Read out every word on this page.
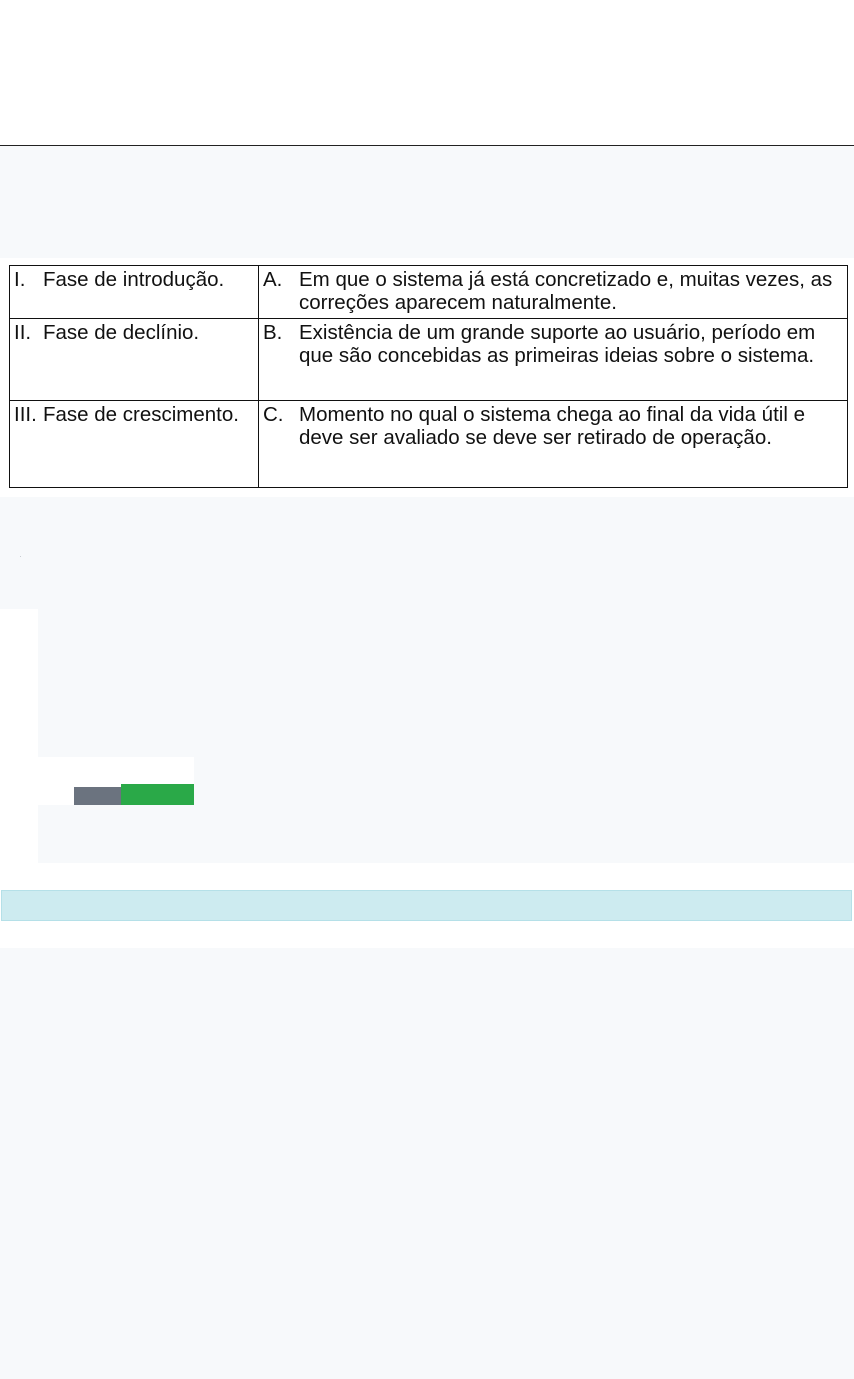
I. Fase de introdução.	A. Em que o sistema já está concretizado e, muitas vezes, as correções aparecem naturalmente.

II. Fase de declínio.	B. Existência de um grande suporte ao usuário, período em que são concebidas as primeiras ideias sobre o sistema.

III. Fase de crescimento.	C. Momento no qual o sistema chega ao final da vida útil e deve ser avaliado se deve ser retirado de operação.
